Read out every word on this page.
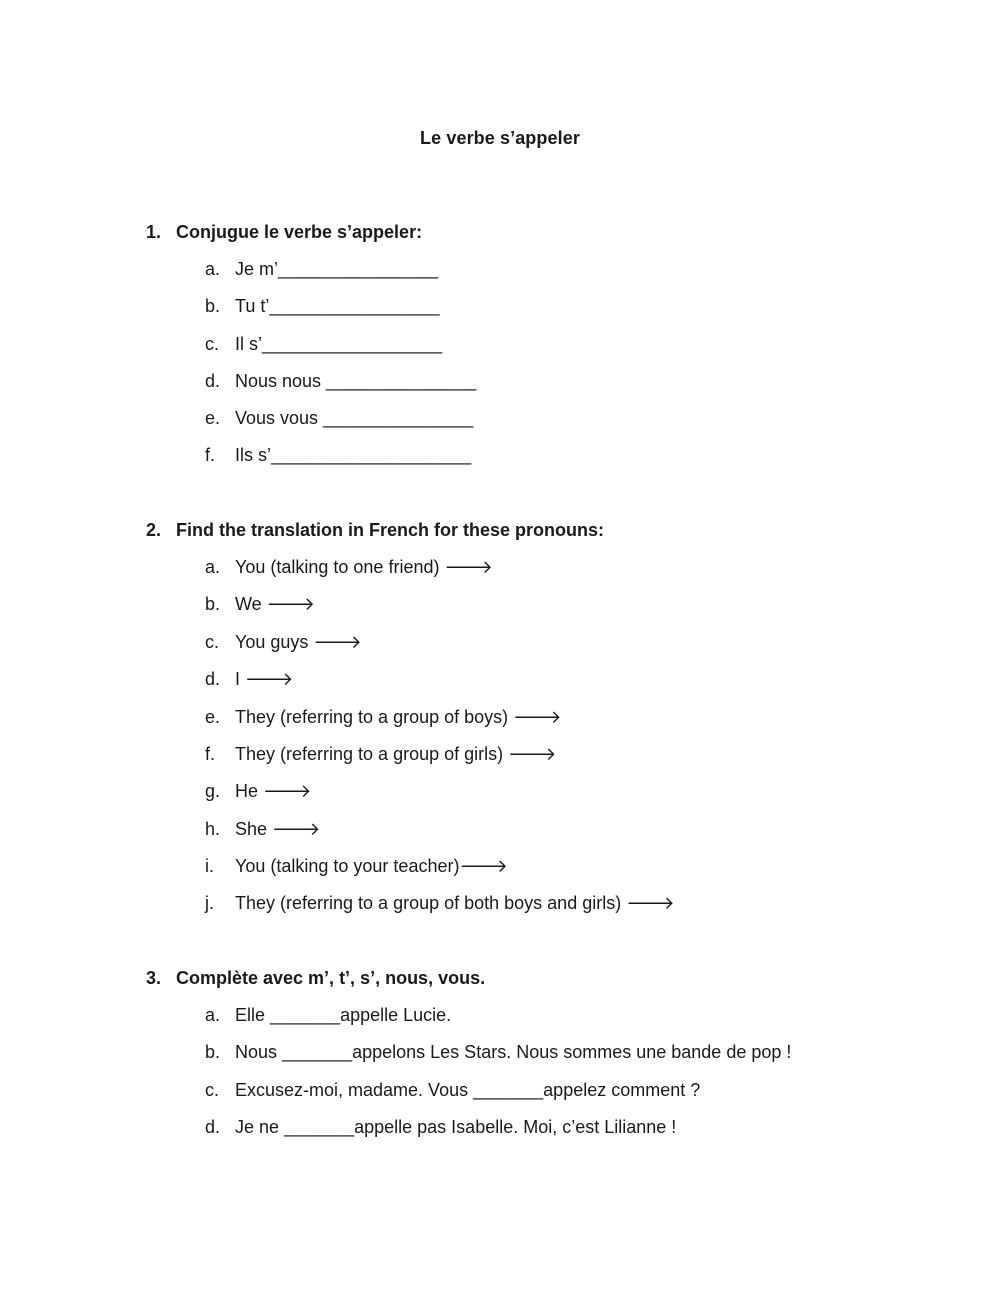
Le verbe s’appeler
1. Conjugue le verbe s’appeler:
a. Je m’________________
b. Tu t’_________________
c. Il s’__________________
d. Nous nous _______________
e. Vous vous _______________
f. Ils s’____________________
2. Find the translation in French for these pronouns:
a. You (talking to one friend) 🡒
b. We 🡒
c. You guys 🡒
d. I 🡒
e. They (referring to a group of boys) 🡒
f. They (referring to a group of girls) 🡒
g. He 🡒
h. She 🡒
i. You (talking to your teacher)🡒
j. They (referring to a group of both boys and girls) 🡒
3. Complète avec m’, t’, s’, nous, vous.
a. Elle _______appelle Lucie.
b. Nous _______appelons Les Stars. Nous sommes une bande de pop !
c. Excusez-moi, madame. Vous _______appelez comment ?
d. Je ne _______appelle pas Isabelle. Moi, c’est Lilianne !
